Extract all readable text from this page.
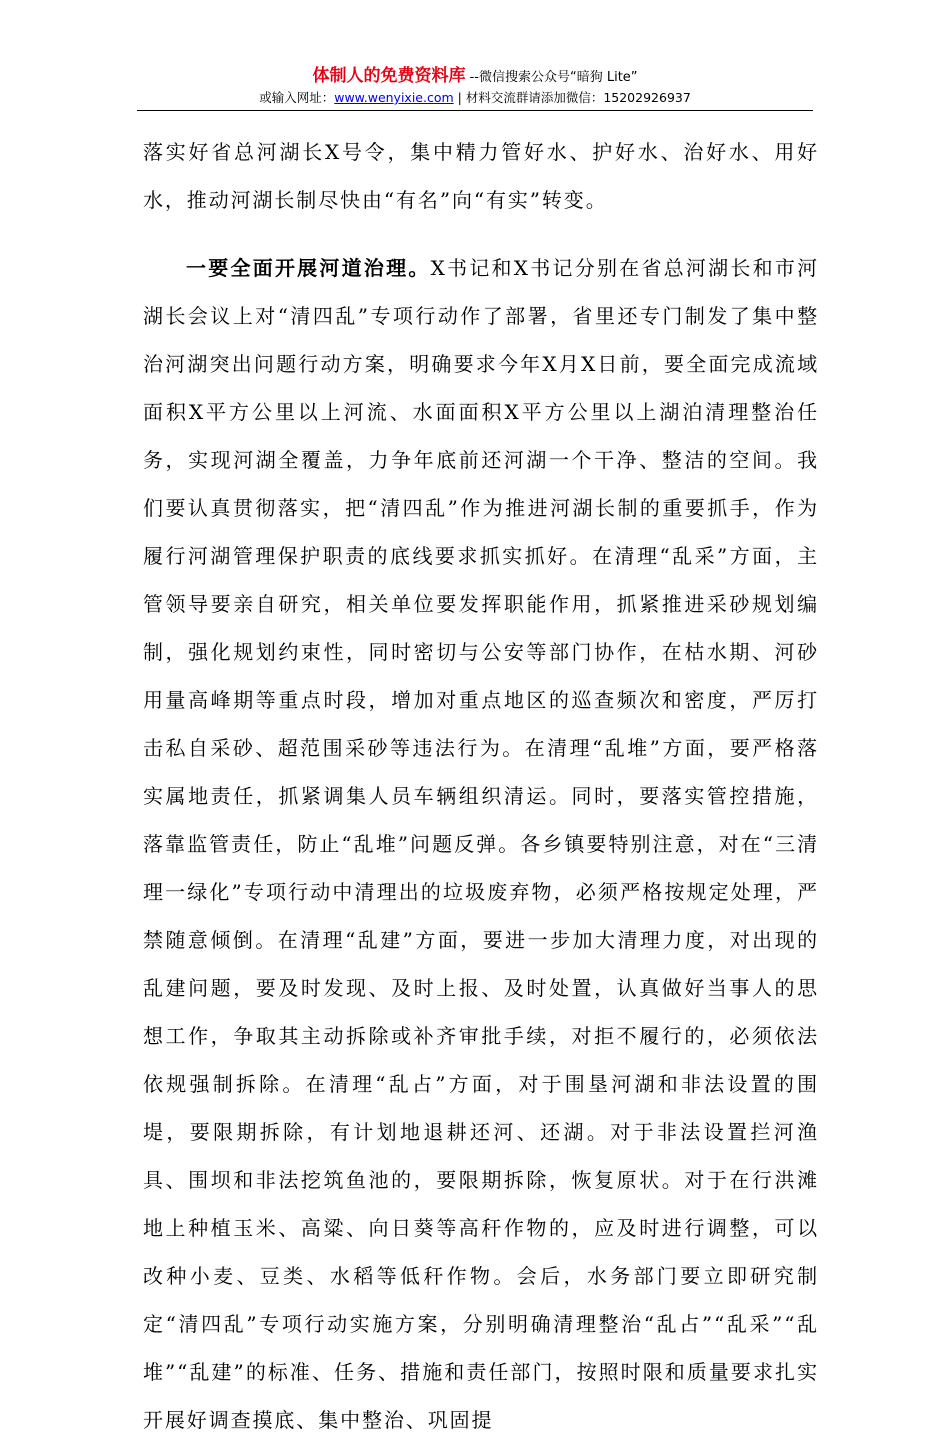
体制人的免费资料库 --微信搜索公众号“暗狗 Lite”
或输入网址：www.wenyixie.com | 材料交流群请添加微信：15202926937

落实好省总河湖长X号令，集中精力管好水、护好水、治好水、用好水，推动河湖长制尽快由“有名”向“有实”转变。

一要全面开展河道治理。X书记和X书记分别在省总河湖长和市河湖长会议上对“清四乱”专项行动作了部署，省里还专门制发了集中整治河湖突出问题行动方案，明确要求今年X月X日前，要全面完成流域面积X平方公里以上河流、水面面积X平方公里以上湖泊清理整治任务，实现河湖全覆盖，力争年底前还河湖一个干净、整洁的空间。我们要认真贯彻落实，把“清四乱”作为推进河湖长制的重要抓手，作为履行河湖管理保护职责的底线要求抓实抓好。在清理“乱采”方面，主管领导要亲自研究，相关单位要发挥职能作用，抓紧推进采砂规划编制，强化规划约束性，同时密切与公安等部门协作，在枯水期、河砂用量高峰期等重点时段，增加对重点地区的巡查频次和密度，严厉打击私自采砂、超范围采砂等违法行为。在清理“乱堆”方面，要严格落实属地责任，抓紧调集人员车辆组织清运。同时，要落实管控措施，落靠监管责任，防止“乱堆”问题反弹。各乡镇要特别注意，对在“三清理一绿化”专项行动中清理出的垃圾废弃物，必须严格按规定处理，严禁随意倾倒。在清理“乱建”方面，要进一步加大清理力度，对出现的乱建问题，要及时发现、及时上报、及时处置，认真做好当事人的思想工作，争取其主动拆除或补齐审批手续，对拒不履行的，必须依法依规强制拆除。在清理“乱占”方面，对于围垦河湖和非法设置的围堤，要限期拆除，有计划地退耕还河、还湖。对于非法设置拦河渔具、围坝和非法挖筑鱼池的，要限期拆除，恢复原状。对于在行洪滩地上种植玉米、高粱、向日葵等高秆作物的，应及时进行调整，可以改种小麦、豆类、水稻等低秆作物。会后，水务部门要立即研究制定“清四乱”专项行动实施方案，分别明确清理整治“乱占”“乱采”“乱堆”“乱建”的标准、任务、措施和责任部门，按照时限和质量要求扎实开展好调查摸底、集中整治、巩固提
